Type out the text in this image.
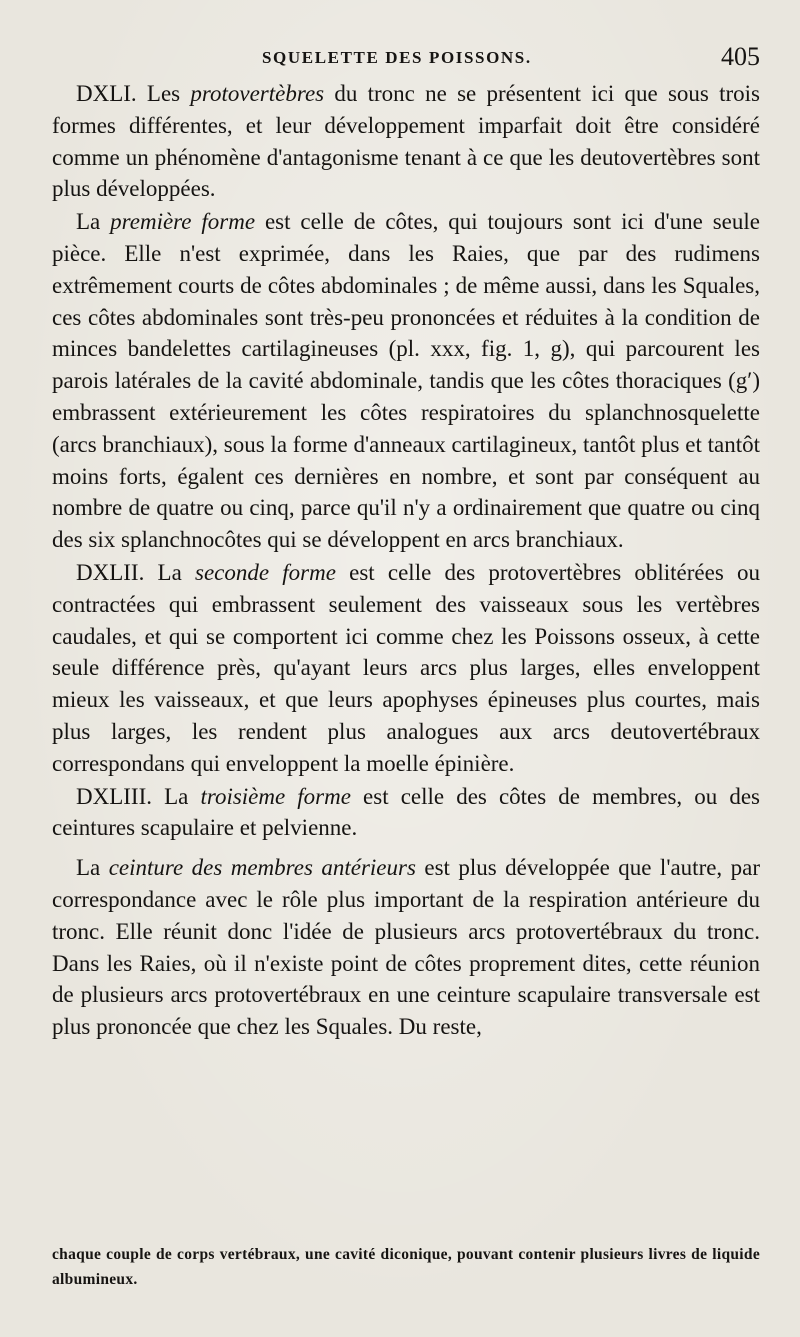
SQUELETTE DES POISSONS.	405

DXLI. Les protovertèbres du tronc ne se présentent ici que sous trois formes différentes, et leur développement imparfait doit être considéré comme un phénomène d'antagonisme tenant à ce que les deutovertèbres sont plus développées.

La première forme est celle de côtes, qui toujours sont ici d'une seule pièce. Elle n'est exprimée, dans les Raies, que par des rudimens extrêmement courts de côtes abdominales ; de même aussi, dans les Squales, ces côtes abdominales sont très-peu prononcées et réduites à la condition de minces bandelettes cartilagineuses (pl. xxx, fig. 1, g), qui parcourent les parois latérales de la cavité abdominale, tandis que les côtes thoraciques (g′) embrassent extérieurement les côtes respiratoires du splanchnosquelette (arcs branchiaux), sous la forme d'anneaux cartilagineux, tantôt plus et tantôt moins forts, égalent ces dernières en nombre, et sont par conséquent au nombre de quatre ou cinq, parce qu'il n'y a ordinairement que quatre ou cinq des six splanchnocôtes qui se développent en arcs branchiaux.

DXLII. La seconde forme est celle des protovertèbres oblitérées ou contractées qui embrassent seulement des vaisseaux sous les vertèbres caudales, et qui se comportent ici comme chez les Poissons osseux, à cette seule différence près, qu'ayant leurs arcs plus larges, elles enveloppent mieux les vaisseaux, et que leurs apophyses épineuses plus courtes, mais plus larges, les rendent plus analogues aux arcs deutovertébraux correspondans qui enveloppent la moelle épinière.

DXLIII. La troisième forme est celle des côtes de membres, ou des ceintures scapulaire et pelvienne.

La ceinture des membres antérieurs est plus développée que l'autre, par correspondance avec le rôle plus important de la respiration antérieure du tronc. Elle réunit donc l'idée de plusieurs arcs protovertébraux du tronc. Dans les Raies, où il n'existe point de côtes proprement dites, cette réunion de plusieurs arcs protovertébraux en une ceinture scapulaire transversale est plus prononcée que chez les Squales. Du reste,

chaque couple de corps vertébraux, une cavité diconique, pouvant contenir plusieurs livres de liquide albumineux.
